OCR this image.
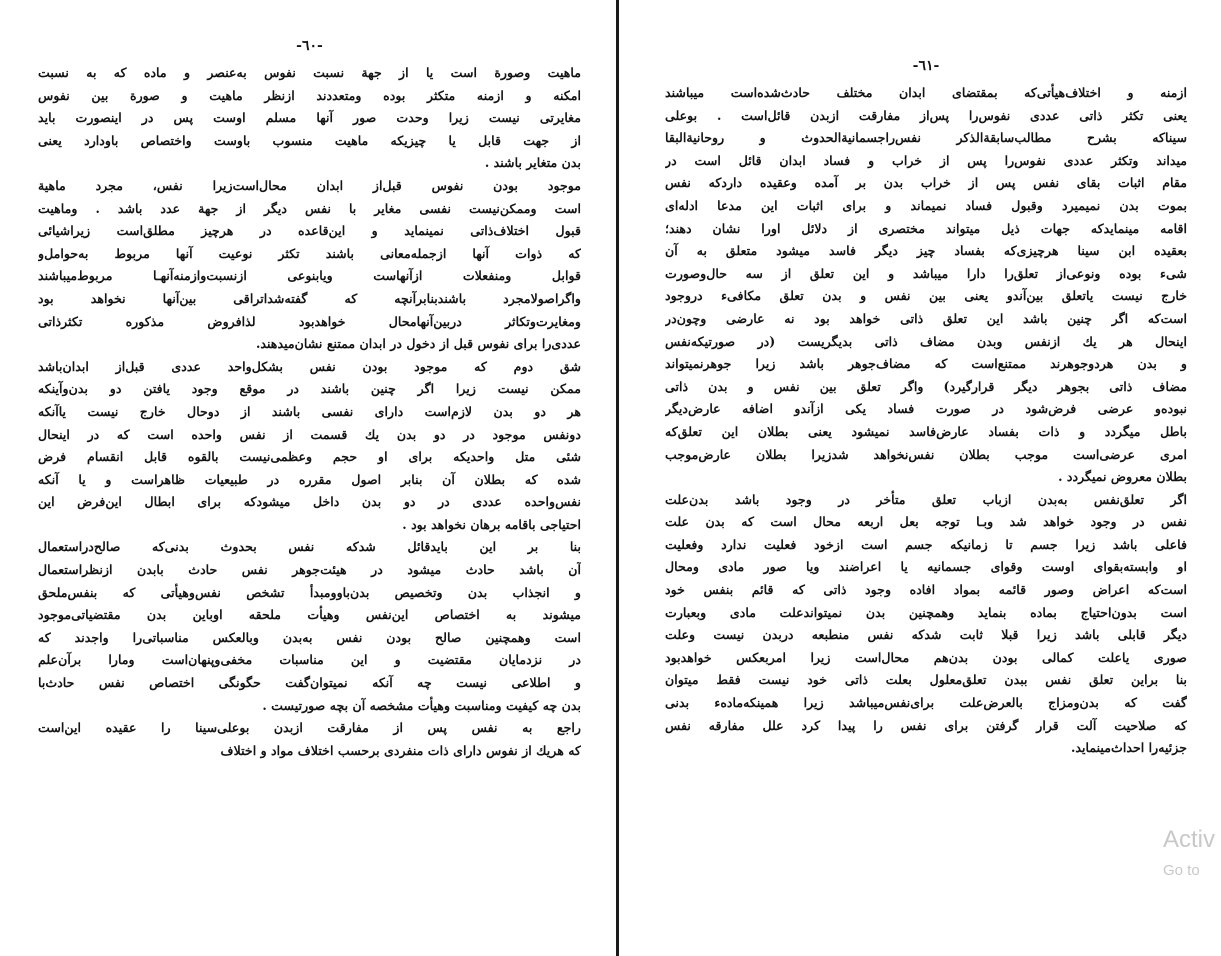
-٦٠-
ماهیت وصورة است یا از جهة نسبت نفوس به‌عنصر و ماده که به نسبت
امکنه و ازمنه متکثر بوده ومتعددند ازنظر ماهیت و صورة بین نفوس
مغایرتی نیست زیرا وحدت صور آنها مسلم اوست پس در اینصورت باید
از جهت قابل یا چیزیکه ماهیت منسوب باوست واختصاص باودارد یعنی
بدن متغایر باشند .
موجود بودن نفوس قبل‌از ابدان محال‌است‌زیرا نفس، مجرد ماهیة
است وممکن‌نیست نفسی مغایر با نفس دیگر از جهة عدد باشد . وماهیت
قبول اختلاف‌ذاتی نمینماید و این‌قاعده در هرچیز مطلق‌است زیرا‌شیائی
که ذوات آنها ازجمله‌معانی باشند تکثر نوعیت آنها مربوط به‌حوامل‌و
قوابل ومنفعلات ازآنهاست ویابنوعی ازنسبت‌وازمنه‌آنهـا مربوط‌میباشند
واگراصولامجرد باشندبنابرآنچه که گفته‌شداتراقی بین‌آنها نخواهد بود
ومغایرت‌وتکاثر دربین‌آنهامحال خواهدبود لذافروض مذکوره تکثرذاتی
عددی‌را برای نفوس قبل از دخول در ابدان ممتنع نشان‌میدهند.
شق دوم که موجود بودن نفس بشکل‌واحد عددی قبل‌از ابدان‌باشد
ممکن نیست زیرا اگر چنین باشند در موقع وجود یافتن دو بدن‌وآینکه
هر دو بدن لازم‌است دارای نفسی باشند از دوحال خارج نیست یاآنکه
دونفس موجود در دو بدن یك قسمت از نفس واحده است که در اینحال
شئی متل واحدیکه برای او حجم وعظمی‌نیست بالقوه قابل انقسام فرض
شده که بطلان آن بنابر اصول مقرره در طبیعیات ظاهراست و یا آنکه
نفس‌واحده عددی در دو بدن داخل میشودکه برای ابطال این‌فرض این
احتیاجی باقامه برهان نخواهد بود .
بنا بر این بایدقائل شدکه نفس بحدوث بدنی‌که صالح‌دراستعمال
آن باشد حادث میشود در هیئت‌جوهر نفس حادث بابدن ازنظراستعمال
و انجذاب بدن وتخصیص بدن‌باوومبدأ تشخص نفس‌وهیأتی که بنفس‌ملحق
میشوند به اختصاص این‌نفس وهیأت ملحقه اوباین بدن مقتضیاتی‌موجود
است وهمچنین صالح بودن نفس به‌بدن وبالعکس مناسباتی‌را واجدند که
در نزدمایان مقتضیت و این مناسبات مخفی‌وپنهان‌است ومارا برآن‌علم
و اطلاعی نیست چه آنکه نمیتوان‌گفت حگونگی اختصاص نفس حادث‌با
بدن چه کیفیت ومناسبت وهیأت مشخصه آن بچه صورتیست .
راجع به نفس پس از مفارقت ازبدن بوعلی‌سینا را عقیده این‌است
که هریك از نفوس دارای ذات منفردی برحسب اختلاف مواد و اختلاف
-٦١-
ازمنه و اختلاف‌هیأتی‌که بمقتضای ابدان مختلف حادث‌شده‌است میباشند
یعنی تکثر ذاتی عددی نفوس‌را پس‌از مفارقت ازبدن قائل‌است . بوعلی
سیناکه بشرح مطالب‌سابقة‌الذکر نفس‌راجسمانیة‌الحدوث و روحانیة‌البقا
میداند وتکثر عددی نفوس‌را پس از خراب و فساد ابدان قائل است در
مقام اثبات بقای نفس پس از خراب بدن بر آمده وعقیده دارد‌که نفس
بموت بدن نمیمیرد وقبول فساد نمیماند و برای اثبات این مدعا ادله‌ای
اقامه مینمایدکه جهات ذیل میتواند مختصری از دلائل اورا نشان دهند؛
بعقیده ابن سینا هرچیزی‌که بفساد چیز دیگر فاسد میشود متعلق به آن
شیء بوده ونوعی‌از تعلق‌را دارا میباشد و این تعلق از سه حال‌وصورت
خارج نیست یاتعلق بین‌آندو یعنی بین نفس و بدن تعلق مکافیء درو‌جود
است‌که اگر چنین باشد این تعلق ذاتی خواهد بود نه عارضی وچون‌در
اینحال هر یك ازنفس وبدن مضاف ذاتی بدیگریست (در صورتیکه‌نفس
و بدن هردوجوهر‌ند ممتنع‌است که مضاف‌جوهر باشد زیرا جوهر‌نمیتواند
مضاف ذاتی بجوهر دیگر قرارگیرد) واگر تعلق بین نفس و بدن ذاتی
نبوده‌و عرضی فرض‌شود در صورت فساد یکی ازآندو اضافه عارض‌دیگر
باطل میگردد و ذات بفساد عارض‌فاسد نمیشود یعنی بطلان این تعلق‌که
امری عرضی‌است موجب بطلان نفس‌نخواهد شدزیرا بطلان عارض‌موجب
بطلان معروض نمیگردد .
اگر تعلق‌نفس به‌بدن ازباب تعلق متأخر در وجود باشد بدن‌علت
نفس در وجود خواهد شد وبـا توجه بعل اربعه محال است که بدن علت
فاعلی باشد زیرا جسم تا زمانیکه جسم است ازخود فعلیت ندارد وفعلیت
او وابسته‌بقوای اوست وقوای جسمانیه یا اعراضند ویا صور مادی ومحال
است‌که اعراض وصور قائمه بمواد افاده وجود ذاتی که قائم بنفس خود
است بدون‌احتیاج بماده بنماید وهمچنین بدن نمیتواند‌علت مادی وبعبارت
دیگر قابلی باشد زیرا قبلا ثابت شدکه نفس منطبعه دربدن نیست وعلت
صوری یاعلت کمالی بودن بدن‌هم محال‌است زیرا امربعکس خواهدبود
بنا براین تعلق نفس ببدن تعلق‌معلول بعلت ذاتی خود نیست فقط میتوان
گفت که بدن‌ومزاج بالعرض‌علت برای‌نفس‌میباشد زیرا همینکه‌ماده‌ء بدنی
که صلاحیت آلت قرار گرفتن برای نفس را پیدا کرد علل مفارقه نفس
جزئیه‌را احداث‌مینماید.
Activ
Go to
